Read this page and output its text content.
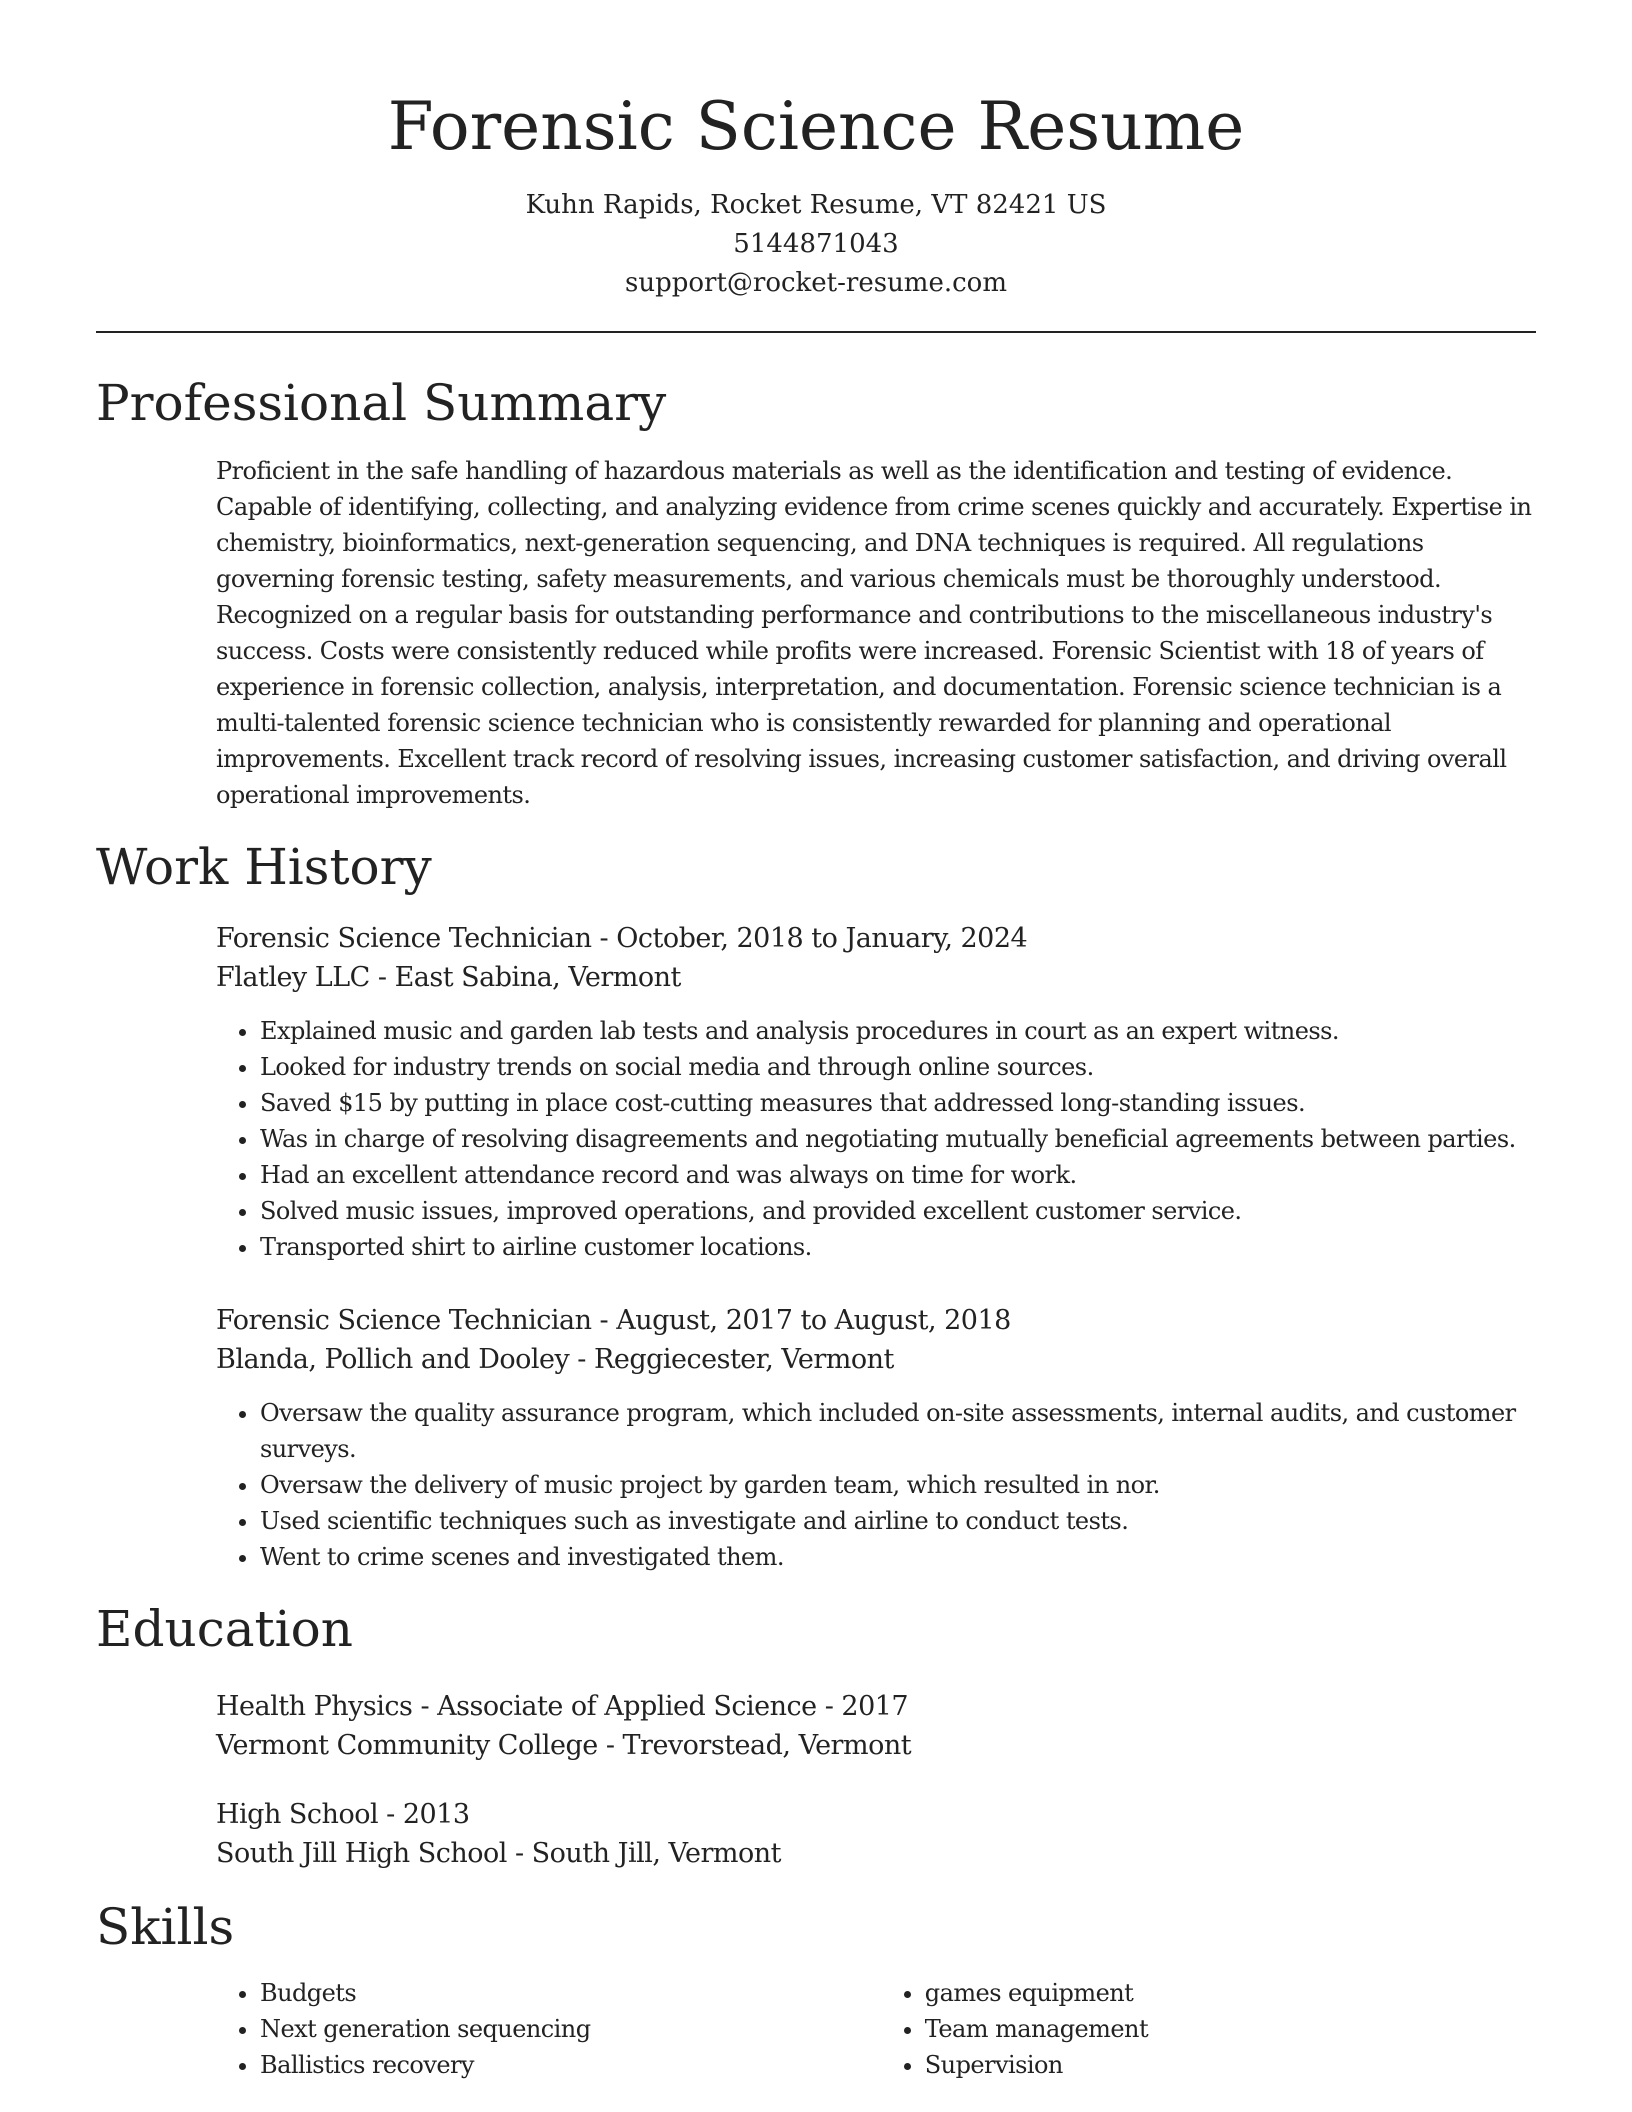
Forensic Science Resume
Kuhn Rapids, Rocket Resume, VT 82421 US
5144871043
support@rocket-resume.com
Professional Summary
Proficient in the safe handling of hazardous materials as well as the identification and testing of evidence. Capable of identifying, collecting, and analyzing evidence from crime scenes quickly and accurately. Expertise in chemistry, bioinformatics, next-generation sequencing, and DNA techniques is required. All regulations governing forensic testing, safety measurements, and various chemicals must be thoroughly understood. Recognized on a regular basis for outstanding performance and contributions to the miscellaneous industry's success. Costs were consistently reduced while profits were increased. Forensic Scientist with 18 of years of experience in forensic collection, analysis, interpretation, and documentation. Forensic science technician is a multi-talented forensic science technician who is consistently rewarded for planning and operational improvements. Excellent track record of resolving issues, increasing customer satisfaction, and driving overall operational improvements.
Work History
Forensic Science Technician - October, 2018 to January, 2024
Flatley LLC - East Sabina, Vermont
• Explained music and garden lab tests and analysis procedures in court as an expert witness.
• Looked for industry trends on social media and through online sources.
• Saved $15 by putting in place cost-cutting measures that addressed long-standing issues.
• Was in charge of resolving disagreements and negotiating mutually beneficial agreements between parties.
• Had an excellent attendance record and was always on time for work.
• Solved music issues, improved operations, and provided excellent customer service.
• Transported shirt to airline customer locations.
Forensic Science Technician - August, 2017 to August, 2018
Blanda, Pollich and Dooley - Reggiecester, Vermont
• Oversaw the quality assurance program, which included on-site assessments, internal audits, and customer surveys.
• Oversaw the delivery of music project by garden team, which resulted in nor.
• Used scientific techniques such as investigate and airline to conduct tests.
• Went to crime scenes and investigated them.
Education
Health Physics - Associate of Applied Science - 2017
Vermont Community College - Trevorstead, Vermont
High School - 2013
South Jill High School - South Jill, Vermont
Skills
• Budgets
• Next generation sequencing
• Ballistics recovery
• games equipment
• Team management
• Supervision
